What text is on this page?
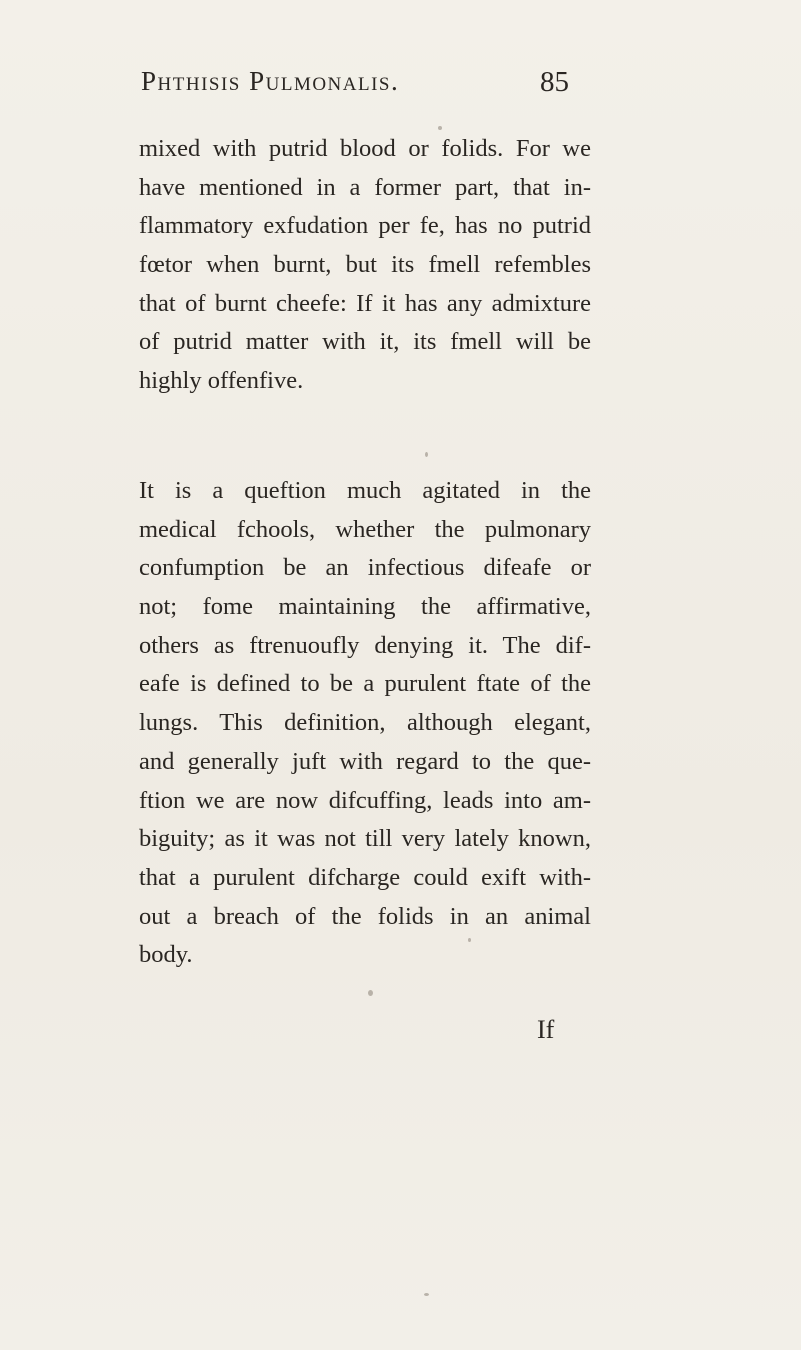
Phthisis Pulmonalis.	85
mixed with putrid blood or folids. For we
have mentioned in a former part, that in-
flammatory exfudation per fe, has no putrid
fœtor when burnt, but its fmell refembles
that of burnt cheefe: If it has any admixture
of putrid matter with it, its fmell will be
highly offenfive.
It is a queftion much agitated in the
medical fchools, whether the pulmonary
confumption be an infectious difeafe or
not; fome maintaining the affirmative,
others as ftrenuoufly denying it. The dif-
eafe is defined to be a purulent ftate of the
lungs. This definition, although elegant,
and generally juft with regard to the que-
ftion we are now difcuffing, leads into am-
biguity; as it was not till very lately known,
that a purulent difcharge could exift with-
out a breach of the folids in an animal
body.
If
